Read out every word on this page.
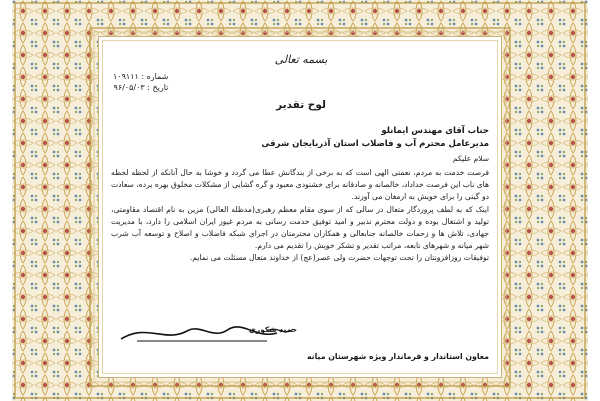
بسمه تعالی
شماره : ۱۰۹۱۱۱
تاریخ : ۹۶/۰۵/۰۳
لوح تقدیر
جناب آقای مهندس ایمانلو
مدیرعامل محترم آب و فاضلاب استان آذربایجان شرقی
سلام علیکم

فرصت خدمت به مردم، نعمتی الهی است که به برخی از بندگانش عطا می گردد و خوشا به حال آنانکه از لحظه لحظه های ناب این فرصت خداداد، خالصانه و صادقانه برای خشنودی معبود و گره گشایی از مشکلات مخلوق بهره برده، سعادت دو گیتی را برای خویش به ارمغان می آورند.

اینک که به لطف پروردگار متعال در سالی که از سوی مقام معظم رهبری(مدظله العالی) مزین به نام اقتصاد مقاومتی، تولید و اشتغال بوده و دولت محترم تدبیر و امید توفیق خدمت رسانی به مردم غیور ایران اسلامی را دارد، با مدیریت جهادی، تلاش ها و زحمات خالصانه جنابعالی و همکاران محترمتان در اجرای شبکه فاضلاب و اصلاح و توسعه آب شرب شهر میانه و شهرهای تابعه، مراتب تقدیر و تشکر خویش را تقدیم می دارم.

توفیقات روزافزونتان را تحت توجهات حضرت ولی عصر(عج) از خداوند متعال مسئلت می نمایم.

حمید شکوری
معاون استاندار و فرماندار ویژه شهرستان میانه
